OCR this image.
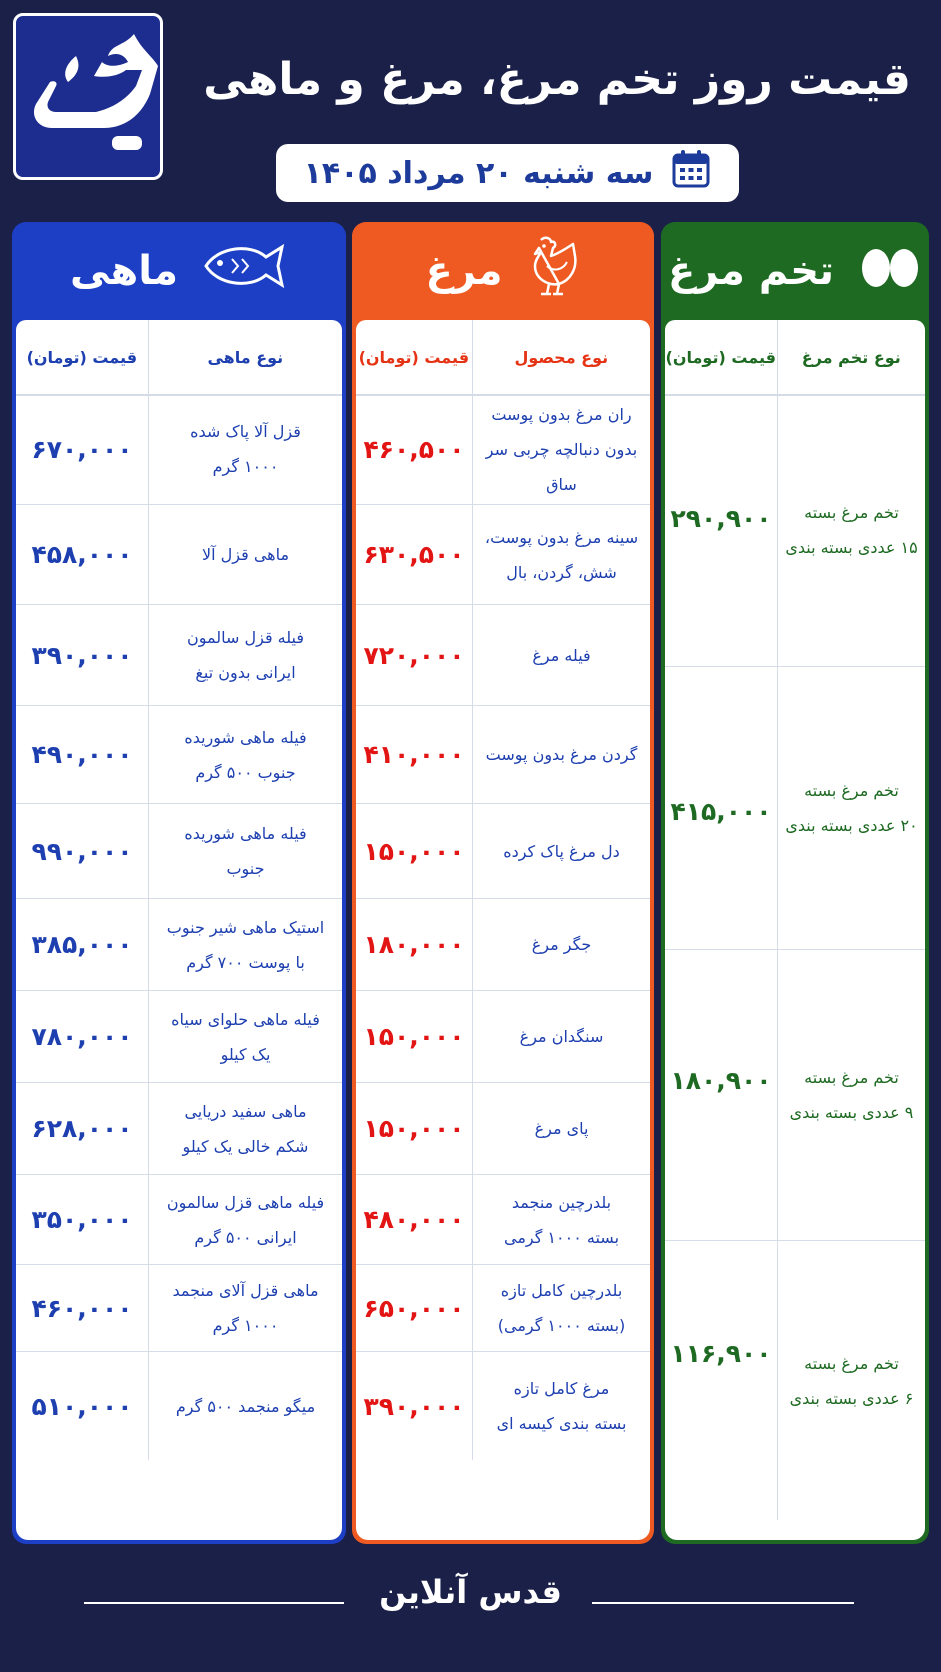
قیمت روز تخم مرغ، مرغ و ماهی
سه شنبه ۲۰ مرداد ۱۴۰۵
ماهی
نوع ماهی
قیمت (تومان)
قزل آلا پاک شده
۱۰۰۰ گرم
۶۷۰,۰۰۰
ماهی قزل آلا
۴۵۸,۰۰۰
فیله قزل سالمون
ایرانی بدون تیغ
۳۹۰,۰۰۰
فیله ماهی شوریده
جنوب ۵۰۰ گرم
۴۹۰,۰۰۰
فیله ماهی شوریده
جنوب
۹۹۰,۰۰۰
استیک ماهی شیر جنوب
با پوست ۷۰۰ گرم
۳۸۵,۰۰۰
فیله ماهی حلوای سیاه
یک کیلو
۷۸۰,۰۰۰
ماهی سفید دریایی
شکم خالی یک کیلو
۶۲۸,۰۰۰
فیله ماهی قزل سالمون
ایرانی ۵۰۰ گرم
۳۵۰,۰۰۰
ماهی قزل آلای منجمد
۱۰۰۰ گرم
۴۶۰,۰۰۰
میگو منجمد ۵۰۰ گرم
۵۱۰,۰۰۰
مرغ
نوع محصول
قیمت (تومان)
ران مرغ بدون پوست
بدون دنبالچه چربی سر ساق
۴۶۰,۵۰۰
سینه مرغ بدون پوست،
شش، گردن، بال
۶۳۰,۵۰۰
فیله مرغ
۷۲۰,۰۰۰
گردن مرغ بدون پوست
۴۱۰,۰۰۰
دل مرغ پاک کرده
۱۵۰,۰۰۰
جگر مرغ
۱۸۰,۰۰۰
سنگدان مرغ
۱۵۰,۰۰۰
پای مرغ
۱۵۰,۰۰۰
بلدرچین منجمد
بسته ۱۰۰۰ گرمی
۴۸۰,۰۰۰
بلدرچین کامل تازه
(بسته ۱۰۰۰ گرمی)
۶۵۰,۰۰۰
مرغ کامل تازه
بسته بندی کیسه ای
۳۹۰,۰۰۰
تخم مرغ
نوع تخم مرغ
قیمت (تومان)
تخم مرغ بسته
۱۵ عددی بسته بندی
۲۹۰,۹۰۰
تخم مرغ بسته
۲۰ عددی بسته بندی
۴۱۵,۰۰۰
تخم مرغ بسته
۹ عددی بسته بندی
۱۸۰,۹۰۰
تخم مرغ بسته
۶ عددی بسته بندی
۱۱۶,۹۰۰
قدس آنلاین
